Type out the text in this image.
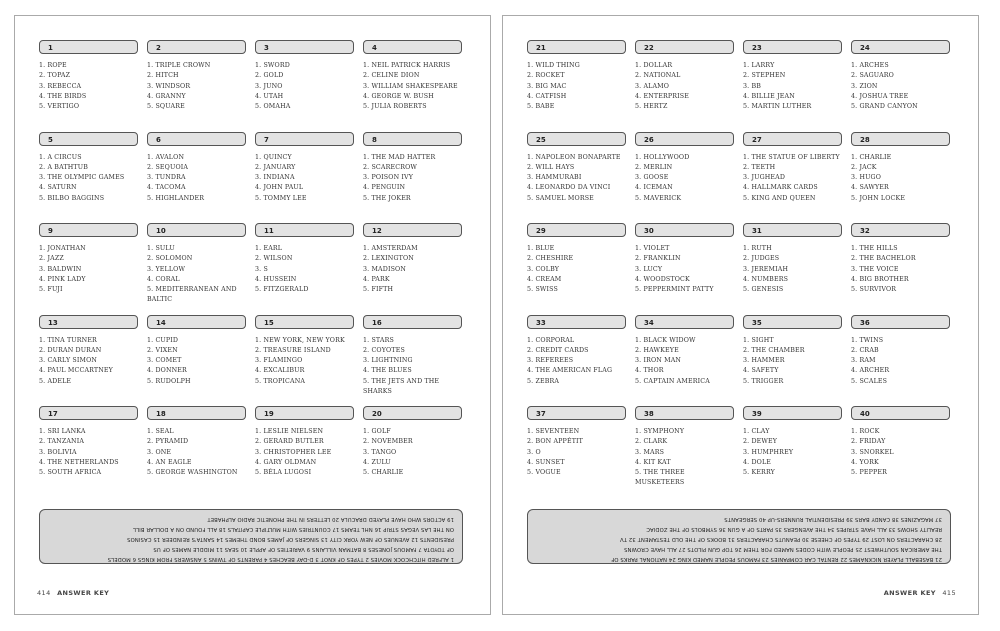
1
1. ROPE
2. TOPAZ
3. REBECCA
4. THE BIRDS
5. VERTIGO
2
1. TRIPLE CROWN
2. HITCH
3. WINDSOR
4. GRANNY
5. SQUARE
3
1. SWORD
2. GOLD
3. JUNO
4. UTAH
5. OMAHA
4
1. NEIL PATRICK HARRIS
2. CELINE DION
3. WILLIAM SHAKESPEARE
4. GEORGE W. BUSH
5. JULIA ROBERTS
5
1. A CIRCUS
2. A BATHTUB
3. THE OLYMPIC GAMES
4. SATURN
5. BILBO BAGGINS
6
1. AVALON
2. SEQUOIA
3. TUNDRA
4. TACOMA
5. HIGHLANDER
7
1. QUINCY
2. JANUARY
3. INDIANA
4. JOHN PAUL
5. TOMMY LEE
8
1. THE MAD HATTER
2. SCARECROW
3. POISON IVY
4. PENGUIN
5. THE JOKER
9
1. JONATHAN
2. JAZZ
3. BALDWIN
4. PINK LADY
5. FUJI
10
1. SULU
2. SOLOMON
3. YELLOW
4. CORAL
5. MEDITERRANEAN AND BALTIC
11
1. EARL
2. WILSON
3. S
4. HUSSEIN
5. FITZGERALD
12
1. AMSTERDAM
2. LEXINGTON
3. MADISON
4. PARK
5. FIFTH
13
1. TINA TURNER
2. DURAN DURAN
3. CARLY SIMON
4. PAUL MCCARTNEY
5. ADELE
14
1. CUPID
2. VIXEN
3. COMET
4. DONNER
5. RUDOLPH
15
1. NEW YORK, NEW YORK
2. TREASURE ISLAND
3. FLAMINGO
4. EXCALIBUR
5. TROPICANA
16
1. STARS
2. COYOTES
3. LIGHTNING
4. THE BLUES
5. THE JETS AND THE SHARKS
17
1. SRI LANKA
2. TANZANIA
3. BOLIVIA
4. THE NETHERLANDS
5. SOUTH AFRICA
18
1. SEAL
2. PYRAMID
3. ONE
4. AN EAGLE
5. GEORGE WASHINGTON
19
1. LESLIE NIELSEN
2. GERARD BUTLER
3. CHRISTOPHER LEE
4. GARY OLDMAN
5. BÉLA LUGOSI
20
1. GOLF
2. NOVEMBER
3. TANGO
4. ZULU
5. CHARLIE

1 ALFRED HITCHCOCK MOVIES 2 TYPES OF KNOT 3 D-DAY BEACHES 4 PARENTS OF TWINS 5 ANSWERS FROM KINGS 6 MODELS

OF TOYOTA 7 FAMOUS JONESES 8 BATMAN VILLAINS 9 VARIETIES OF APPLE 10 SEAS 11 MIDDLE NAMES OF US

PRESIDENTS 12 AVENUES OF NEW YORK CITY 13 SINGERS OF JAMES BOND THEMES 14 SANTA'S REINDEER 15 CASINOS

ON THE LAS VEGAS STRIP 16 NHL TEAMS 17 COUNTRIES WITH MULTIPLE CAPITALS 18 ALL FOUND ON A DOLLAR BILL

19 ACTORS WHO HAVE PLAYED DRACULA 20 LETTERS IN THE PHONETIC RADIO ALPHABET

414 ANSWER KEY
21
1. WILD THING
2. ROCKET
3. BIG MAC
4. CATFISH
5. BABE
22
1. DOLLAR
2. NATIONAL
3. ALAMO
4. ENTERPRISE
5. HERTZ
23
1. LARRY
2. STEPHEN
3. BB
4. BILLIE JEAN
5. MARTIN LUTHER
24
1. ARCHES
2. SAGUARO
3. ZION
4. JOSHUA TREE
5. GRAND CANYON
25
1. NAPOLEON BONAPARTE
2. WILL HAYS
3. HAMMURABI
4. LEONARDO DA VINCI
5. SAMUEL MORSE
26
1. HOLLYWOOD
2. MERLIN
3. GOOSE
4. ICEMAN
5. MAVERICK
27
1. THE STATUE OF LIBERTY
2. TEETH
3. JUGHEAD
4. HALLMARK CARDS
5. KING AND QUEEN
28
1. CHARLIE
2. JACK
3. HUGO
4. SAWYER
5. JOHN LOCKE
29
1. BLUE
2. CHESHIRE
3. COLBY
4. CREAM
5. SWISS
30
1. VIOLET
2. FRANKLIN
3. LUCY
4. WOODSTOCK
5. PEPPERMINT PATTY
31
1. RUTH
2. JUDGES
3. JEREMIAH
4. NUMBERS
5. GENESIS
32
1. THE HILLS
2. THE BACHELOR
3. THE VOICE
4. BIG BROTHER
5. SURVIVOR
33
1. CORPORAL
2. CREDIT CARDS
3. REFEREES
4. THE AMERICAN FLAG
5. ZEBRA
34
1. BLACK WIDOW
2. HAWKEYE
3. IRON MAN
4. THOR
5. CAPTAIN AMERICA
35
1. SIGHT
2. THE CHAMBER
3. HAMMER
4. SAFETY
5. TRIGGER
36
1. TWINS
2. CRAB
3. RAM
4. ARCHER
5. SCALES
37
1. SEVENTEEN
2. BON APPÉTIT
3. O
4. SUNSET
5. VOGUE
38
1. SYMPHONY
2. CLARK
3. MARS
4. KIT KAT
5. THE THREE MUSKETEERS
39
1. CLAY
2. DEWEY
3. HUMPHREY
4. DOLE
5. KERRY
40
1. ROCK
2. FRIDAY
3. SNORKEL
4. YORK
5. PEPPER

21 BASEBALL PLAYER NICKNAMES 22 RENTAL CAR COMPANIES 23 FAMOUS PEOPLE NAMED KING 24 NATIONAL PARKS OF

THE AMERICAN SOUTHWEST 25 PEOPLE WITH CODES NAMED FOR THEM 26 TOP GUN PILOTS 27 ALL HAVE CROWNS

28 CHARACTERS ON LOST 29 TYPES OF CHEESE 30 PEANUTS CHARACTERS 31 BOOKS OF THE OLD TESTAMENT 32 TV

REALITY SHOWS 33 ALL HAVE STRIPES 34 THE AVENGERS 35 PARTS OF A GUN 36 SYMBOLS OF THE ZODIAC

37 MAGAZINES 38 CANDY BARS 39 PRESIDENTIAL RUNNERS-UP 40 SERGEANTS

ANSWER KEY 415
